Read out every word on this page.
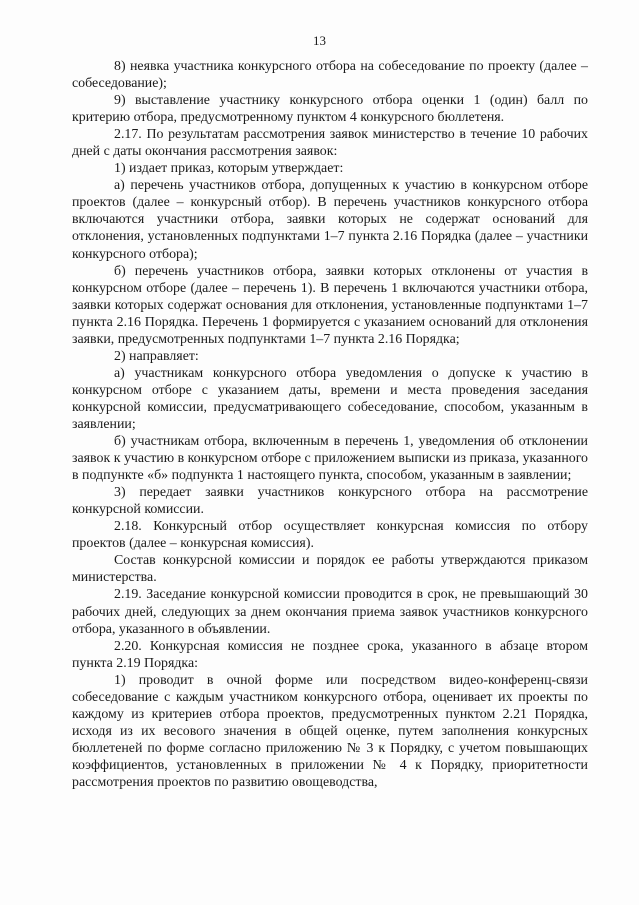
13

8) неявка участника конкурсного отбора на собеседование по проекту (далее – собеседование);

9) выставление участнику конкурсного отбора оценки 1 (один) балл по критерию отбора, предусмотренному пунктом 4 конкурсного бюллетеня.

2.17. По результатам рассмотрения заявок министерство в течение 10 рабочих дней с даты окончания рассмотрения заявок:

1) издает приказ, которым утверждает:

а) перечень участников отбора, допущенных к участию в конкурсном отборе проектов (далее – конкурсный отбор). В перечень участников конкурсного отбора включаются участники отбора, заявки которых не содержат оснований для отклонения, установленных подпунктами 1–7 пункта 2.16 Порядка (далее – участники конкурсного отбора);

б) перечень участников отбора, заявки которых отклонены от участия в конкурсном отборе (далее – перечень 1). В перечень 1 включаются участники отбора, заявки которых содержат основания для отклонения, установленные подпунктами 1–7 пункта 2.16 Порядка. Перечень 1 формируется с указанием оснований для отклонения заявки, предусмотренных подпунктами 1–7 пункта 2.16 Порядка;

2) направляет:

а) участникам конкурсного отбора уведомления о допуске к участию в конкурсном отборе с указанием даты, времени и места проведения заседания конкурсной комиссии, предусматривающего собеседование, способом, указанным в заявлении;

б) участникам отбора, включенным в перечень 1, уведомления об отклонении заявок к участию в конкурсном отборе с приложением выписки из приказа, указанного в подпункте «б» подпункта 1 настоящего пункта, способом, указанным в заявлении;

3) передает заявки участников конкурсного отбора на рассмотрение конкурсной комиссии.

2.18. Конкурсный отбор осуществляет конкурсная комиссия по отбору проектов (далее – конкурсная комиссия).

Состав конкурсной комиссии и порядок ее работы утверждаются приказом министерства.

2.19. Заседание конкурсной комиссии проводится в срок, не превышающий 30 рабочих дней, следующих за днем окончания приема заявок участников конкурсного отбора, указанного в объявлении.

2.20. Конкурсная комиссия не позднее срока, указанного в абзаце втором пункта 2.19 Порядка:

1) проводит в очной форме или посредством видео-конференц-связи собеседование с каждым участником конкурсного отбора, оценивает их проекты по каждому из критериев отбора проектов, предусмотренных пунктом 2.21 Порядка, исходя из их весового значения в общей оценке, путем заполнения конкурсных бюллетеней по форме согласно приложению № 3 к Порядку, с учетом повышающих коэффициентов, установленных в приложении № 4 к Порядку, приоритетности рассмотрения проектов по развитию овощеводства,
